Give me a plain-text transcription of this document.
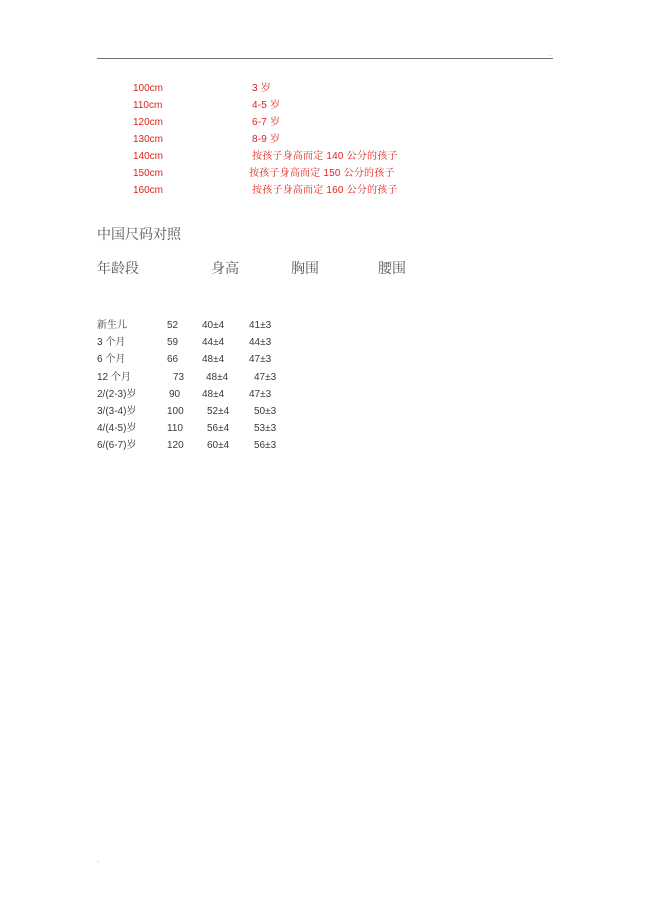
.
100cm	3 岁
110cm	4-5 岁
120cm	6-7 岁
130cm	8-9 岁
140cm	按孩子身高而定 140 公分的孩子
150cm	按孩子身高而定 150 公分的孩子
160cm	按孩子身高而定 160 公分的孩子
中国尺码对照
年龄段	身高	胸围	腰围
新生儿	52 40±4 41±3
3 个月	59 44±4 44±3
6 个月	66 48±4 47±3
12 个月	73 48±4	47±3
2/(2-3)岁	90 48±4 47±3
3/(3-4)岁	100 52±4 50±3
4/(4-5)岁	110 56±4 53±3
6/(6-7)岁	120 60±4 56±3
.
